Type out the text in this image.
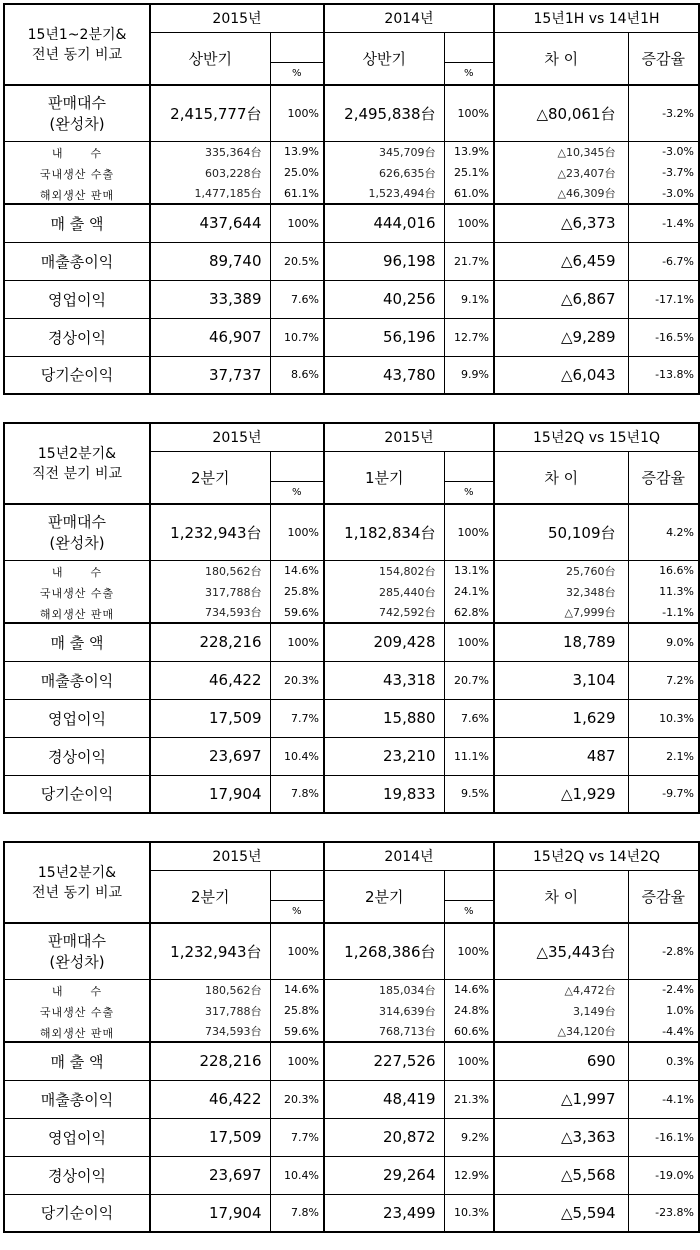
15년1~2분기&
전년 동기 비교	2015년		2014년		15년1H vs 14년1H	
	상반기		상반기		차 이	증감율
		%		%		

판매대수
(완성차)	2,415,777台	100%	2,495,838台	100%	△80,061台	-3.2%
내      수	335,364台	13.9%	345,709台	13.9%	△10,345台	-3.0%
국내생산 수출	603,228台	25.0%	626,635台	25.1%	△23,407台	-3.7%
해외생산 판매	1,477,185台	61.1%	1,523,494台	61.0%	△46,309台	-3.0%
매 출 액	437,644	100%	444,016	100%	△6,373	-1.4%
매출총이익	89,740	20.5%	96,198	21.7%	△6,459	-6.7%
영업이익	33,389	7.6%	40,256	9.1%	△6,867	-17.1%
경상이익	46,907	10.7%	56,196	12.7%	△9,289	-16.5%
당기순이익	37,737	8.6%	43,780	9.9%	△6,043	-13.8%
15년2분기&
직전 분기 비교	2015년		2015년		15년2Q vs 15년1Q	
	2분기		1분기		차 이	증감율
		%		%		

판매대수
(완성차)	1,232,943台	100%	1,182,834台	100%	50,109台	4.2%
내      수	180,562台	14.6%	154,802台	13.1%	25,760台	16.6%
국내생산 수출	317,788台	25.8%	285,440台	24.1%	32,348台	11.3%
해외생산 판매	734,593台	59.6%	742,592台	62.8%	△7,999台	-1.1%
매 출 액	228,216	100%	209,428	100%	18,789	9.0%
매출총이익	46,422	20.3%	43,318	20.7%	3,104	7.2%
영업이익	17,509	7.7%	15,880	7.6%	1,629	10.3%
경상이익	23,697	10.4%	23,210	11.1%	487	2.1%
당기순이익	17,904	7.8%	19,833	9.5%	△1,929	-9.7%
15년2분기&
전년 동기 비교	2015년		2014년		15년2Q vs 14년2Q	
	2분기		2분기		차 이	증감율
		%		%		

판매대수
(완성차)	1,232,943台	100%	1,268,386台	100%	△35,443台	-2.8%
내      수	180,562台	14.6%	185,034台	14.6%	△4,472台	-2.4%
국내생산 수출	317,788台	25.8%	314,639台	24.8%	3,149台	1.0%
해외생산 판매	734,593台	59.6%	768,713台	60.6%	△34,120台	-4.4%
매 출 액	228,216	100%	227,526	100%	690	0.3%
매출총이익	46,422	20.3%	48,419	21.3%	△1,997	-4.1%
영업이익	17,509	7.7%	20,872	9.2%	△3,363	-16.1%
경상이익	23,697	10.4%	29,264	12.9%	△5,568	-19.0%
당기순이익	17,904	7.8%	23,499	10.3%	△5,594	-23.8%
